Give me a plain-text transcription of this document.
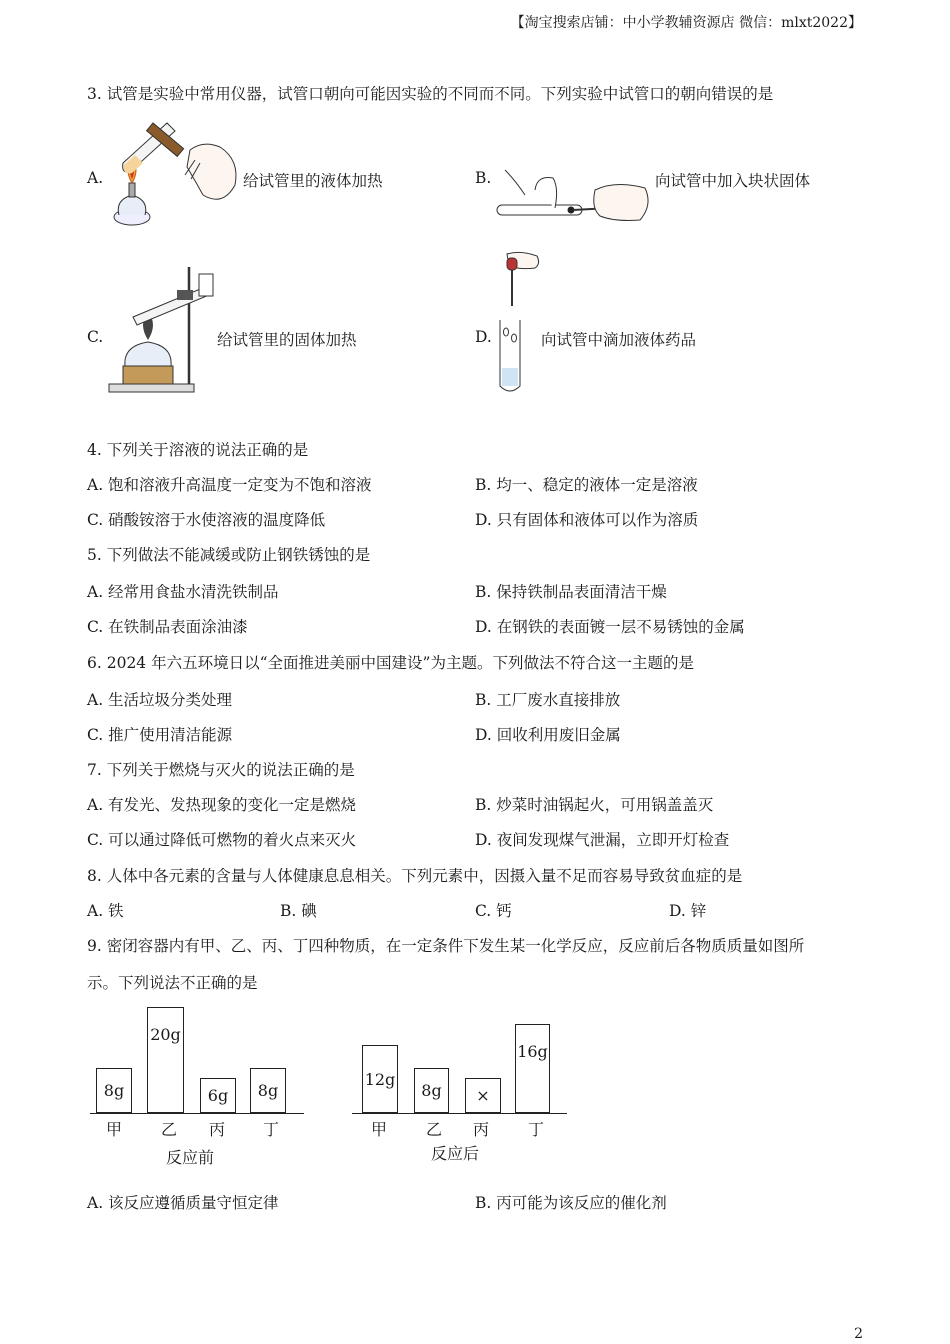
【淘宝搜索店铺：中小学教辅资源店 微信：mlxt2022】
3. 试管是实验中常用仪器，试管口朝向可能因实验的不同而不同。下列实验中试管口的朝向错误的是
A.	给试管里的液体加热	B.	向试管中加入块状固体
C.	给试管里的固体加热	D.	向试管中滴加液体药品
4. 下列关于溶液的说法正确的是
A. 饱和溶液升高温度一定变为不饱和溶液	B. 均一、稳定的液体一定是溶液
C. 硝酸铵溶于水使溶液的温度降低	D. 只有固体和液体可以作为溶质
5. 下列做法不能减缓或防止钢铁锈蚀的是
A. 经常用食盐水清洗铁制品	B. 保持铁制品表面清洁干燥
C. 在铁制品表面涂油漆	D. 在钢铁的表面镀一层不易锈蚀的金属
6. 2024 年六五环境日以“全面推进美丽中国建设”为主题。下列做法不符合这一主题的是
A. 生活垃圾分类处理	B. 工厂废水直接排放
C. 推广使用清洁能源	D. 回收利用废旧金属
7. 下列关于燃烧与灭火的说法正确的是
A. 有发光、发热现象的变化一定是燃烧	B. 炒菜时油锅起火，可用锅盖盖灭
C. 可以通过降低可燃物的着火点来灭火	D. 夜间发现煤气泄漏，立即开灯检查
8. 人体中各元素的含量与人体健康息息相关。下列元素中，因摄入量不足而容易导致贫血症的是
A. 铁	B. 碘	C. 钙	D. 锌
9. 密闭容器内有甲、乙、丙、丁四种物质，在一定条件下发生某一化学反应，反应前后各物质质量如图所
示。下列说法不正确的是
8g
20g
6g	8g
甲 乙 丙 丁
反应前
12g
8g	×
16g
甲 乙 丙 丁
反应后
A. 该反应遵循质量守恒定律	B. 丙可能为该反应的催化剂
2
